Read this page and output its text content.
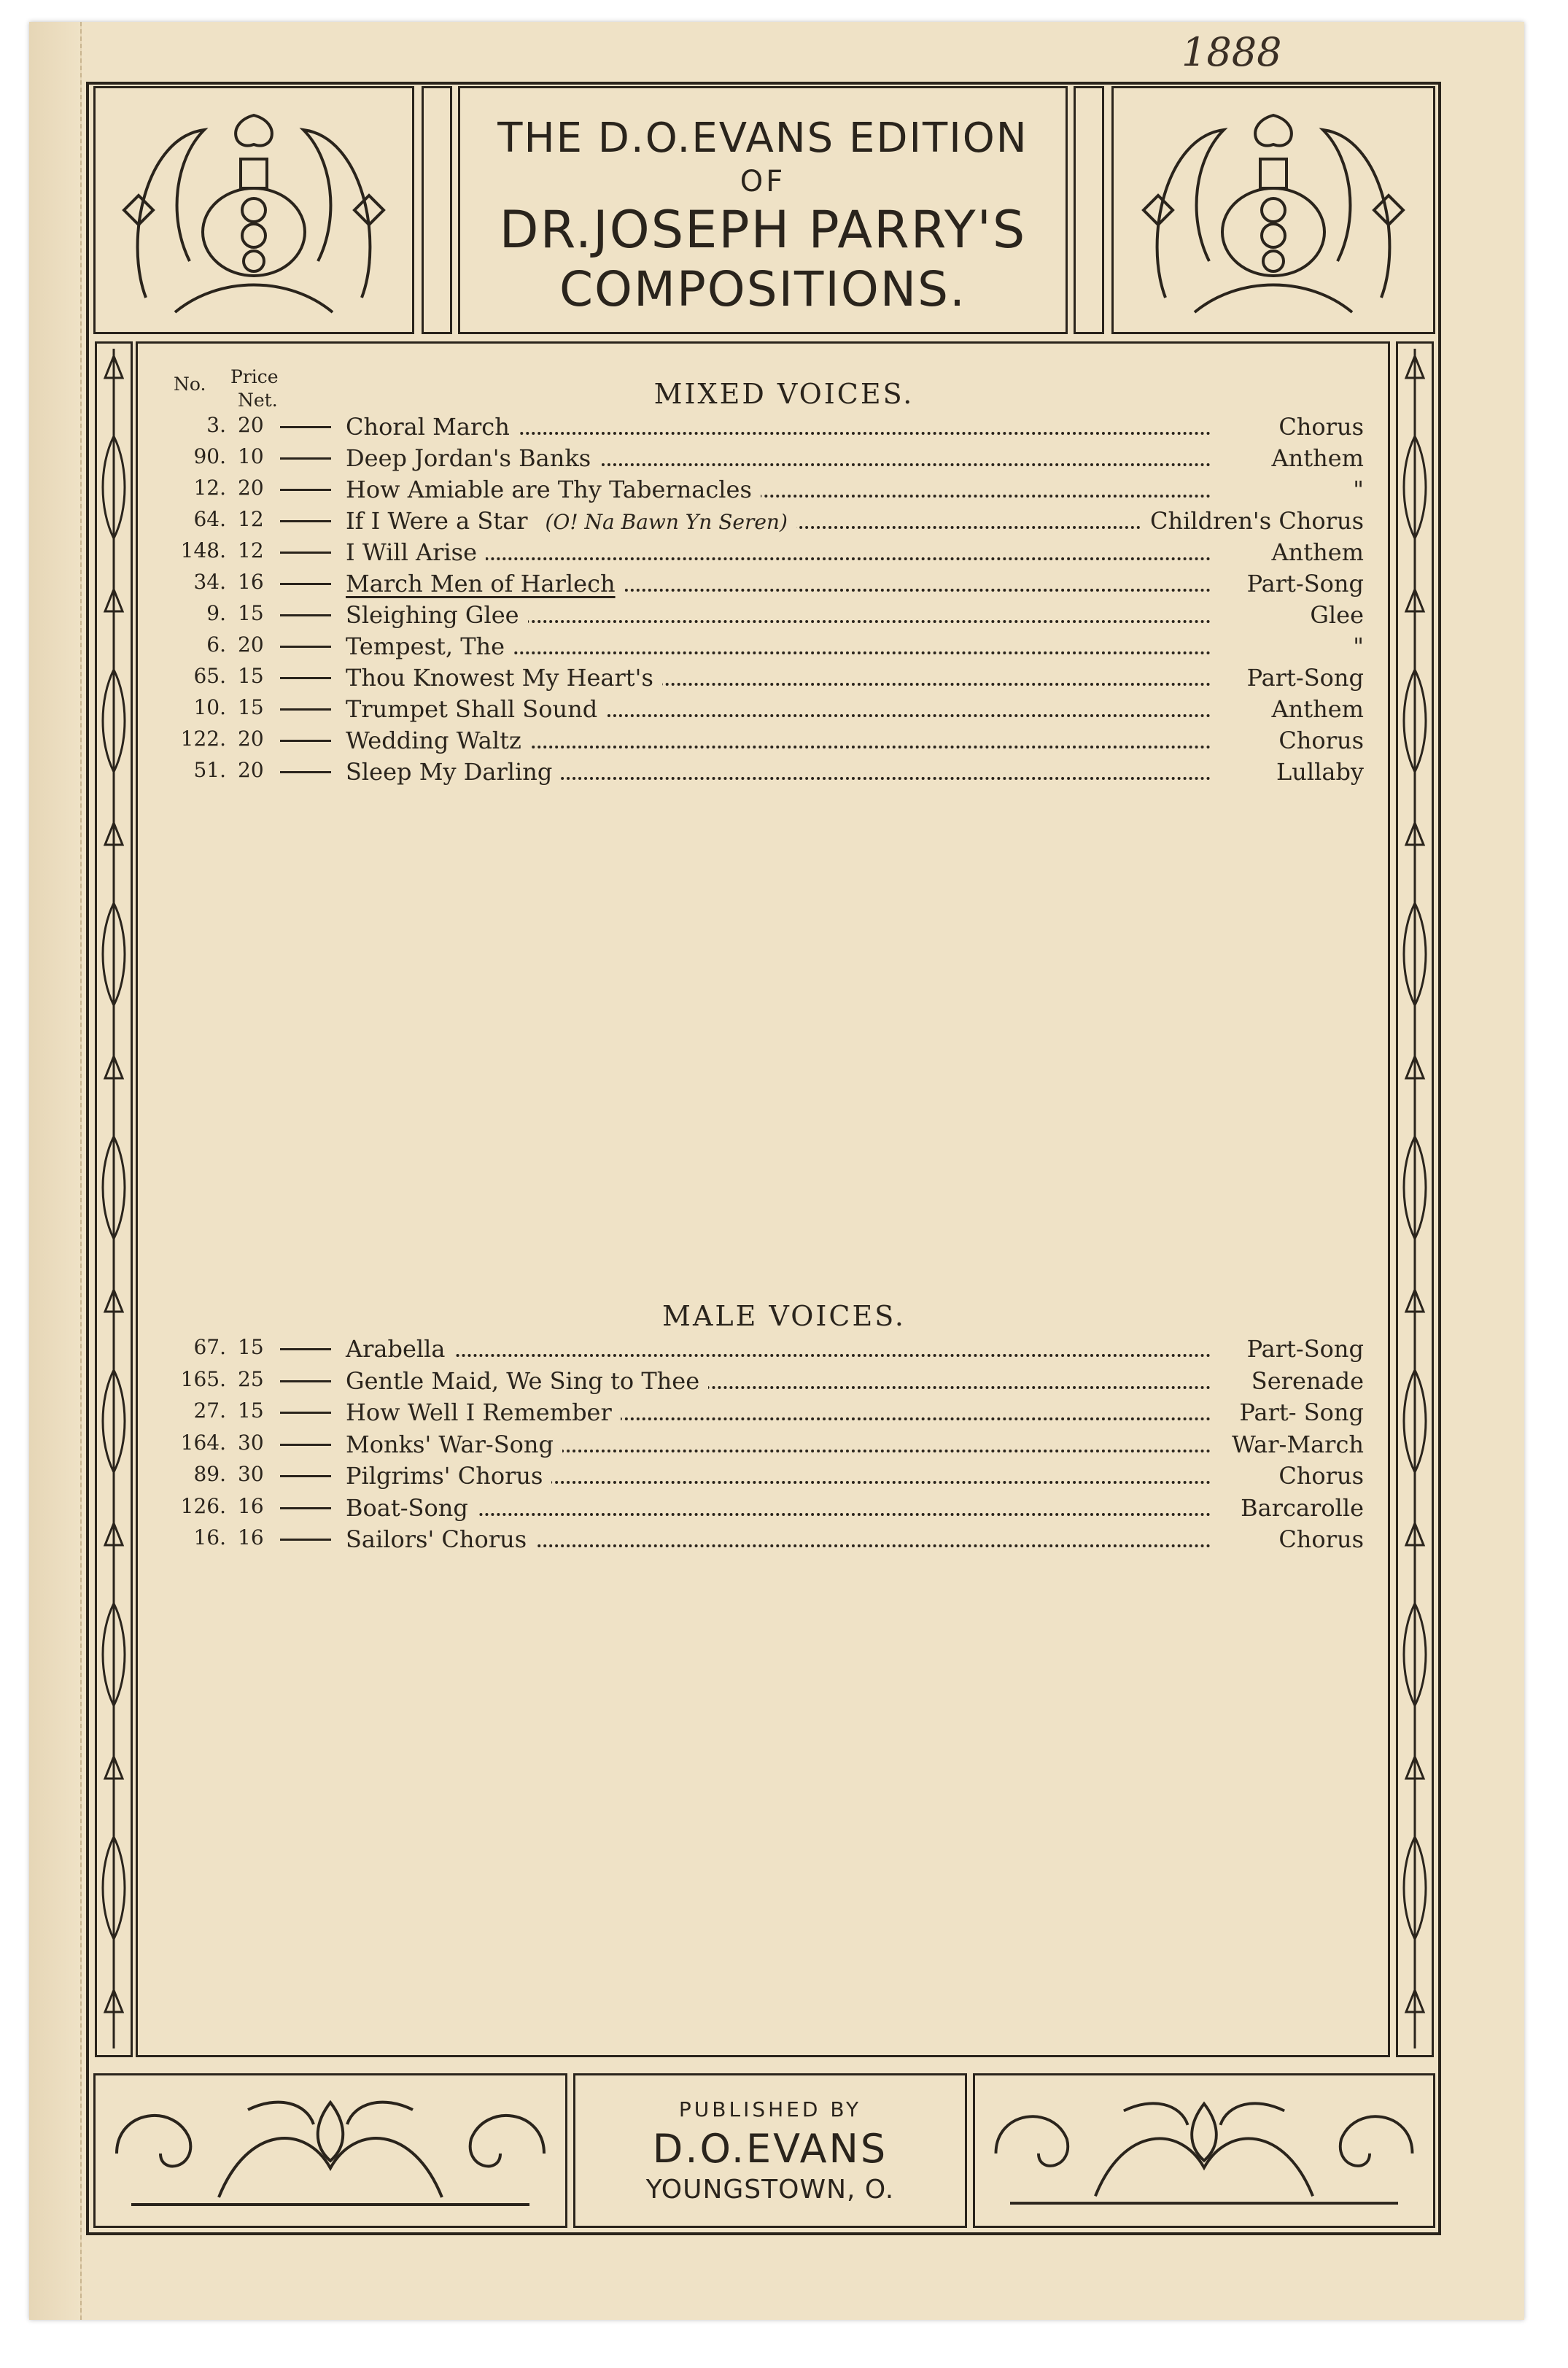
1888
THE D.O.EVANS EDITION
OF
DR.JOSEPH PARRY'S
COMPOSITIONS.
No. Price
Net.	MIXED VOICES.
3. 20	Choral March	Chorus
90. 10	Deep Jordan's Banks	Anthem
12. 20	How Amiable are Thy Tabernacles	"
64. 12	If I Were a Star (O! Na Bawn Yn Seren)	Children's Chorus
148. 12	I Will Arise	Anthem
34. 16	March Men of Harlech	Part-Song
9. 15	Sleighing Glee	Glee
6. 20	Tempest, The	"
65. 15	Thou Knowest My Heart's	Part-Song
10. 15	Trumpet Shall Sound	Anthem
122. 20	Wedding Waltz	Chorus
51. 20	Sleep My Darling	Lullaby
MALE VOICES.
67. 15	Arabella	Part-Song
165. 25	Gentle Maid, We Sing to Thee	Serenade
27. 15	How Well I Remember	Part- Song
164. 30	Monks' War-Song	War-March
89. 30	Pilgrims' Chorus	Chorus
126. 16	Boat-Song	Barcarolle
16. 16	Sailors' Chorus	Chorus
PUBLISHED BY
D.O.EVANS
YOUNGSTOWN, O.
